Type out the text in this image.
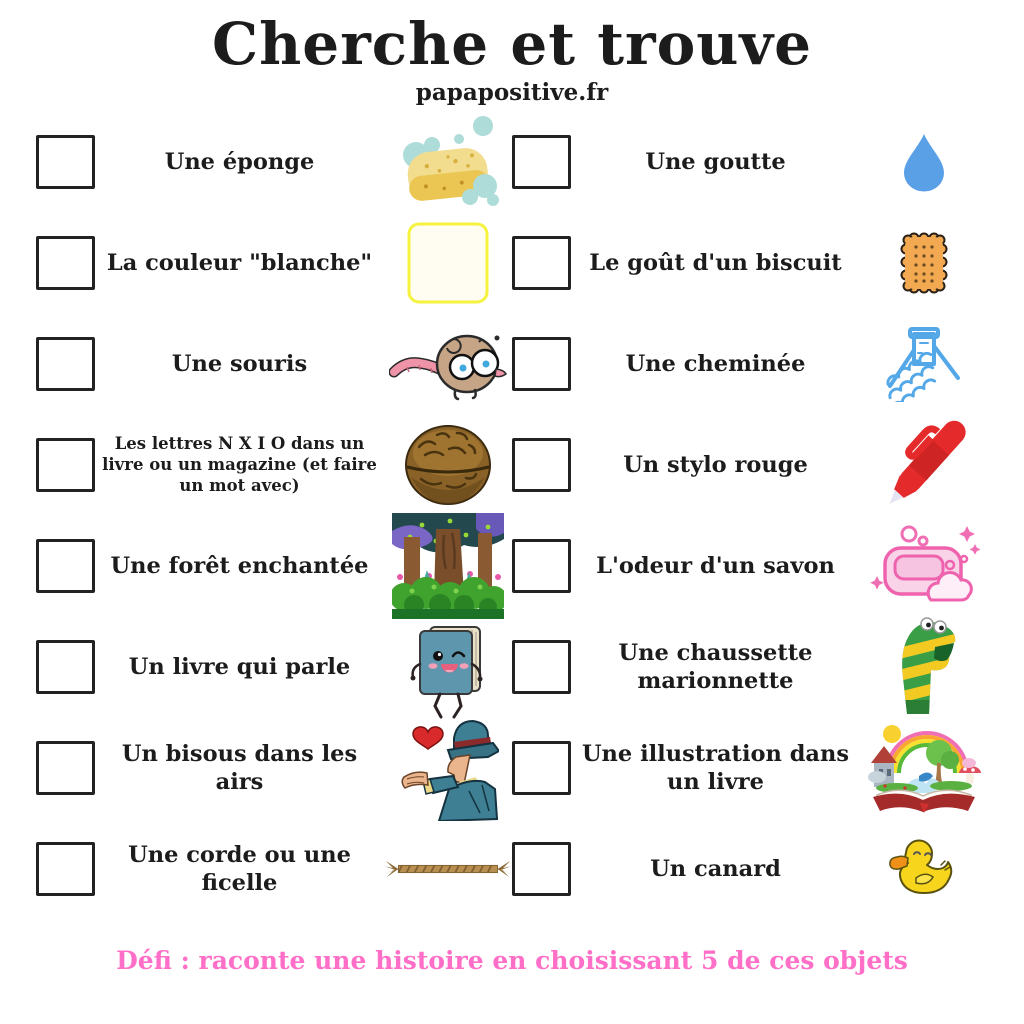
Cherche et trouve
papapositive.fr
Une éponge
La couleur "blanche"
Une souris
Les lettres N X I O dans un livre ou un magazine (et faire un mot avec)
Une forêt enchantée
Un livre qui parle
Un bisous dans les airs
Une corde ou une ficelle
Une goutte
Le goût d'un biscuit
Une cheminée
Un stylo rouge
L'odeur d'un savon
Une chaussette marionnette
Une illustration dans un livre
Un canard
Défi : raconte une histoire en choisissant 5 de ces objets
